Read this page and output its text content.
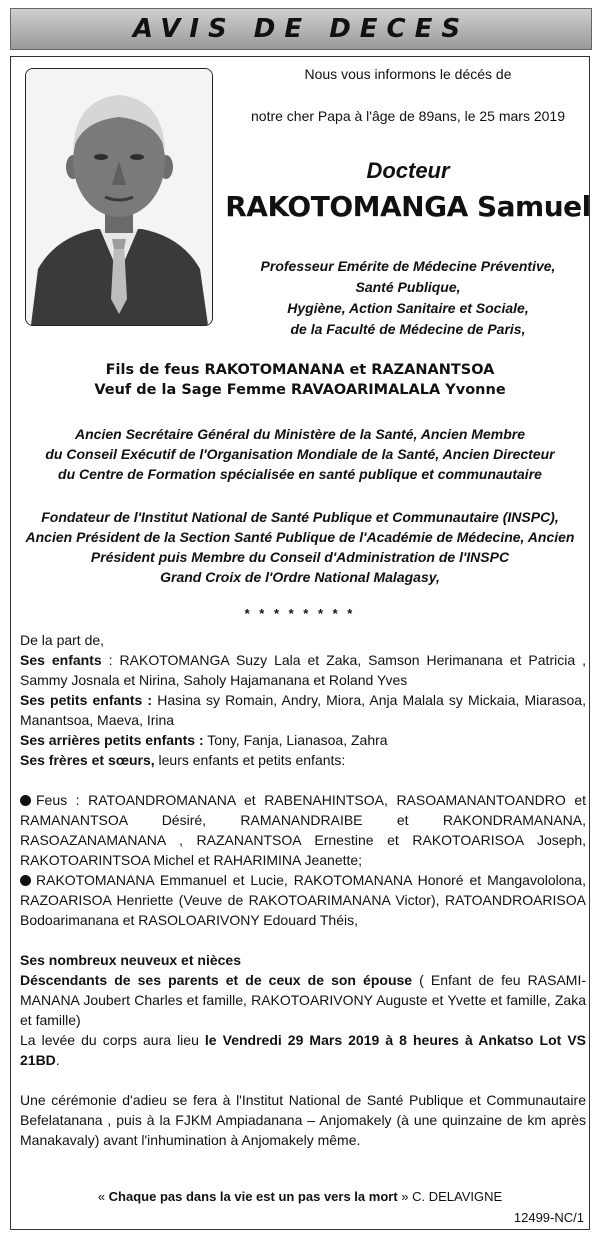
AVIS DE DECES
Nous vous informons le décés de
notre cher Papa à l'âge de 89ans, le 25 mars 2019
Docteur
RAKOTOMANGA Samuel
Professeur Emérite de Médecine Préventive,
Santé Publique,
Hygiène, Action Sanitaire et Sociale,
de la Faculté de Médecine de Paris,
Fils de feus RAKOTOMANANA et RAZANANTSOA
Veuf de la Sage Femme RAVAOARIMALALA Yvonne
Ancien Secrétaire Général du Ministère de la Santé, Ancien Membre
du Conseil Exécutif de l'Organisation Mondiale de la Santé, Ancien Directeur
du Centre de Formation spécialisée en santé publique et communautaire
Fondateur de l'Institut National de Santé Publique et Communautaire (INSPC),
Ancien Président de la Section Santé Publique de l'Académie de Médecine, Ancien
Président puis Membre du Conseil d'Administration de l'INSPC
Grand Croix de l'Ordre National Malagasy,
* * * * * * * *

De la part de,

Ses enfants : RAKOTOMANGA Suzy Lala et Zaka, Samson Herimanana et Patricia , Sammy Josnala et Nirina, Saholy Hajamanana et Roland Yves

Ses petits enfants : Hasina sy Romain, Andry, Miora, Anja Malala sy Mickaia, Miarasoa, Manantsoa, Maeva, Irina

Ses arrières petits enfants : Tony, Fanja, Lianasoa, Zahra

Ses frères et sœurs, leurs enfants et petits enfants:

Feus : RATOANDROMANANA et RABENAHINTSOA, RASOAMANANTOANDRO et RAMANANTSOA Désiré, RAMANANDRAIBE et RAKONDRAMANANA, RASOAZANAMANANA , RAZANANTSOA Ernestine et RAKOTOARISOA Joseph, RAKOTOARINTSOA Michel et RAHARIMINA Jeanette;

RAKOTOMANANA Emmanuel et Lucie, RAKOTOMANANA Honoré et Mangavololona, RAZOARISOA Henriette (Veuve de RAKOTOARIMANANA Victor), RATOANDROARISOA Bodoarimanana et RASOLOARIVONY Edouard Théis,

Ses nombreux neuveux et nièces

Déscendants de ses parents et de ceux de son épouse ( Enfant de feu RASAMI-MANANA Joubert Charles et famille, RAKOTOARIVONY Auguste et Yvette et famille, Zaka et famille)

La levée du corps aura lieu le Vendredi 29 Mars 2019 à 8 heures à Ankatso Lot VS 21BD.

Une cérémonie d'adieu se fera à l'Institut National de Santé Publique et Communautaire Befelatanana , puis à la FJKM Ampiadanana – Anjomakely (à une quinzaine de km après Manakavaly) avant l'inhumination à Anjomakely même.

« Chaque pas dans la vie est un pas vers la mort » C. DELAVIGNE
12499-NC/1
